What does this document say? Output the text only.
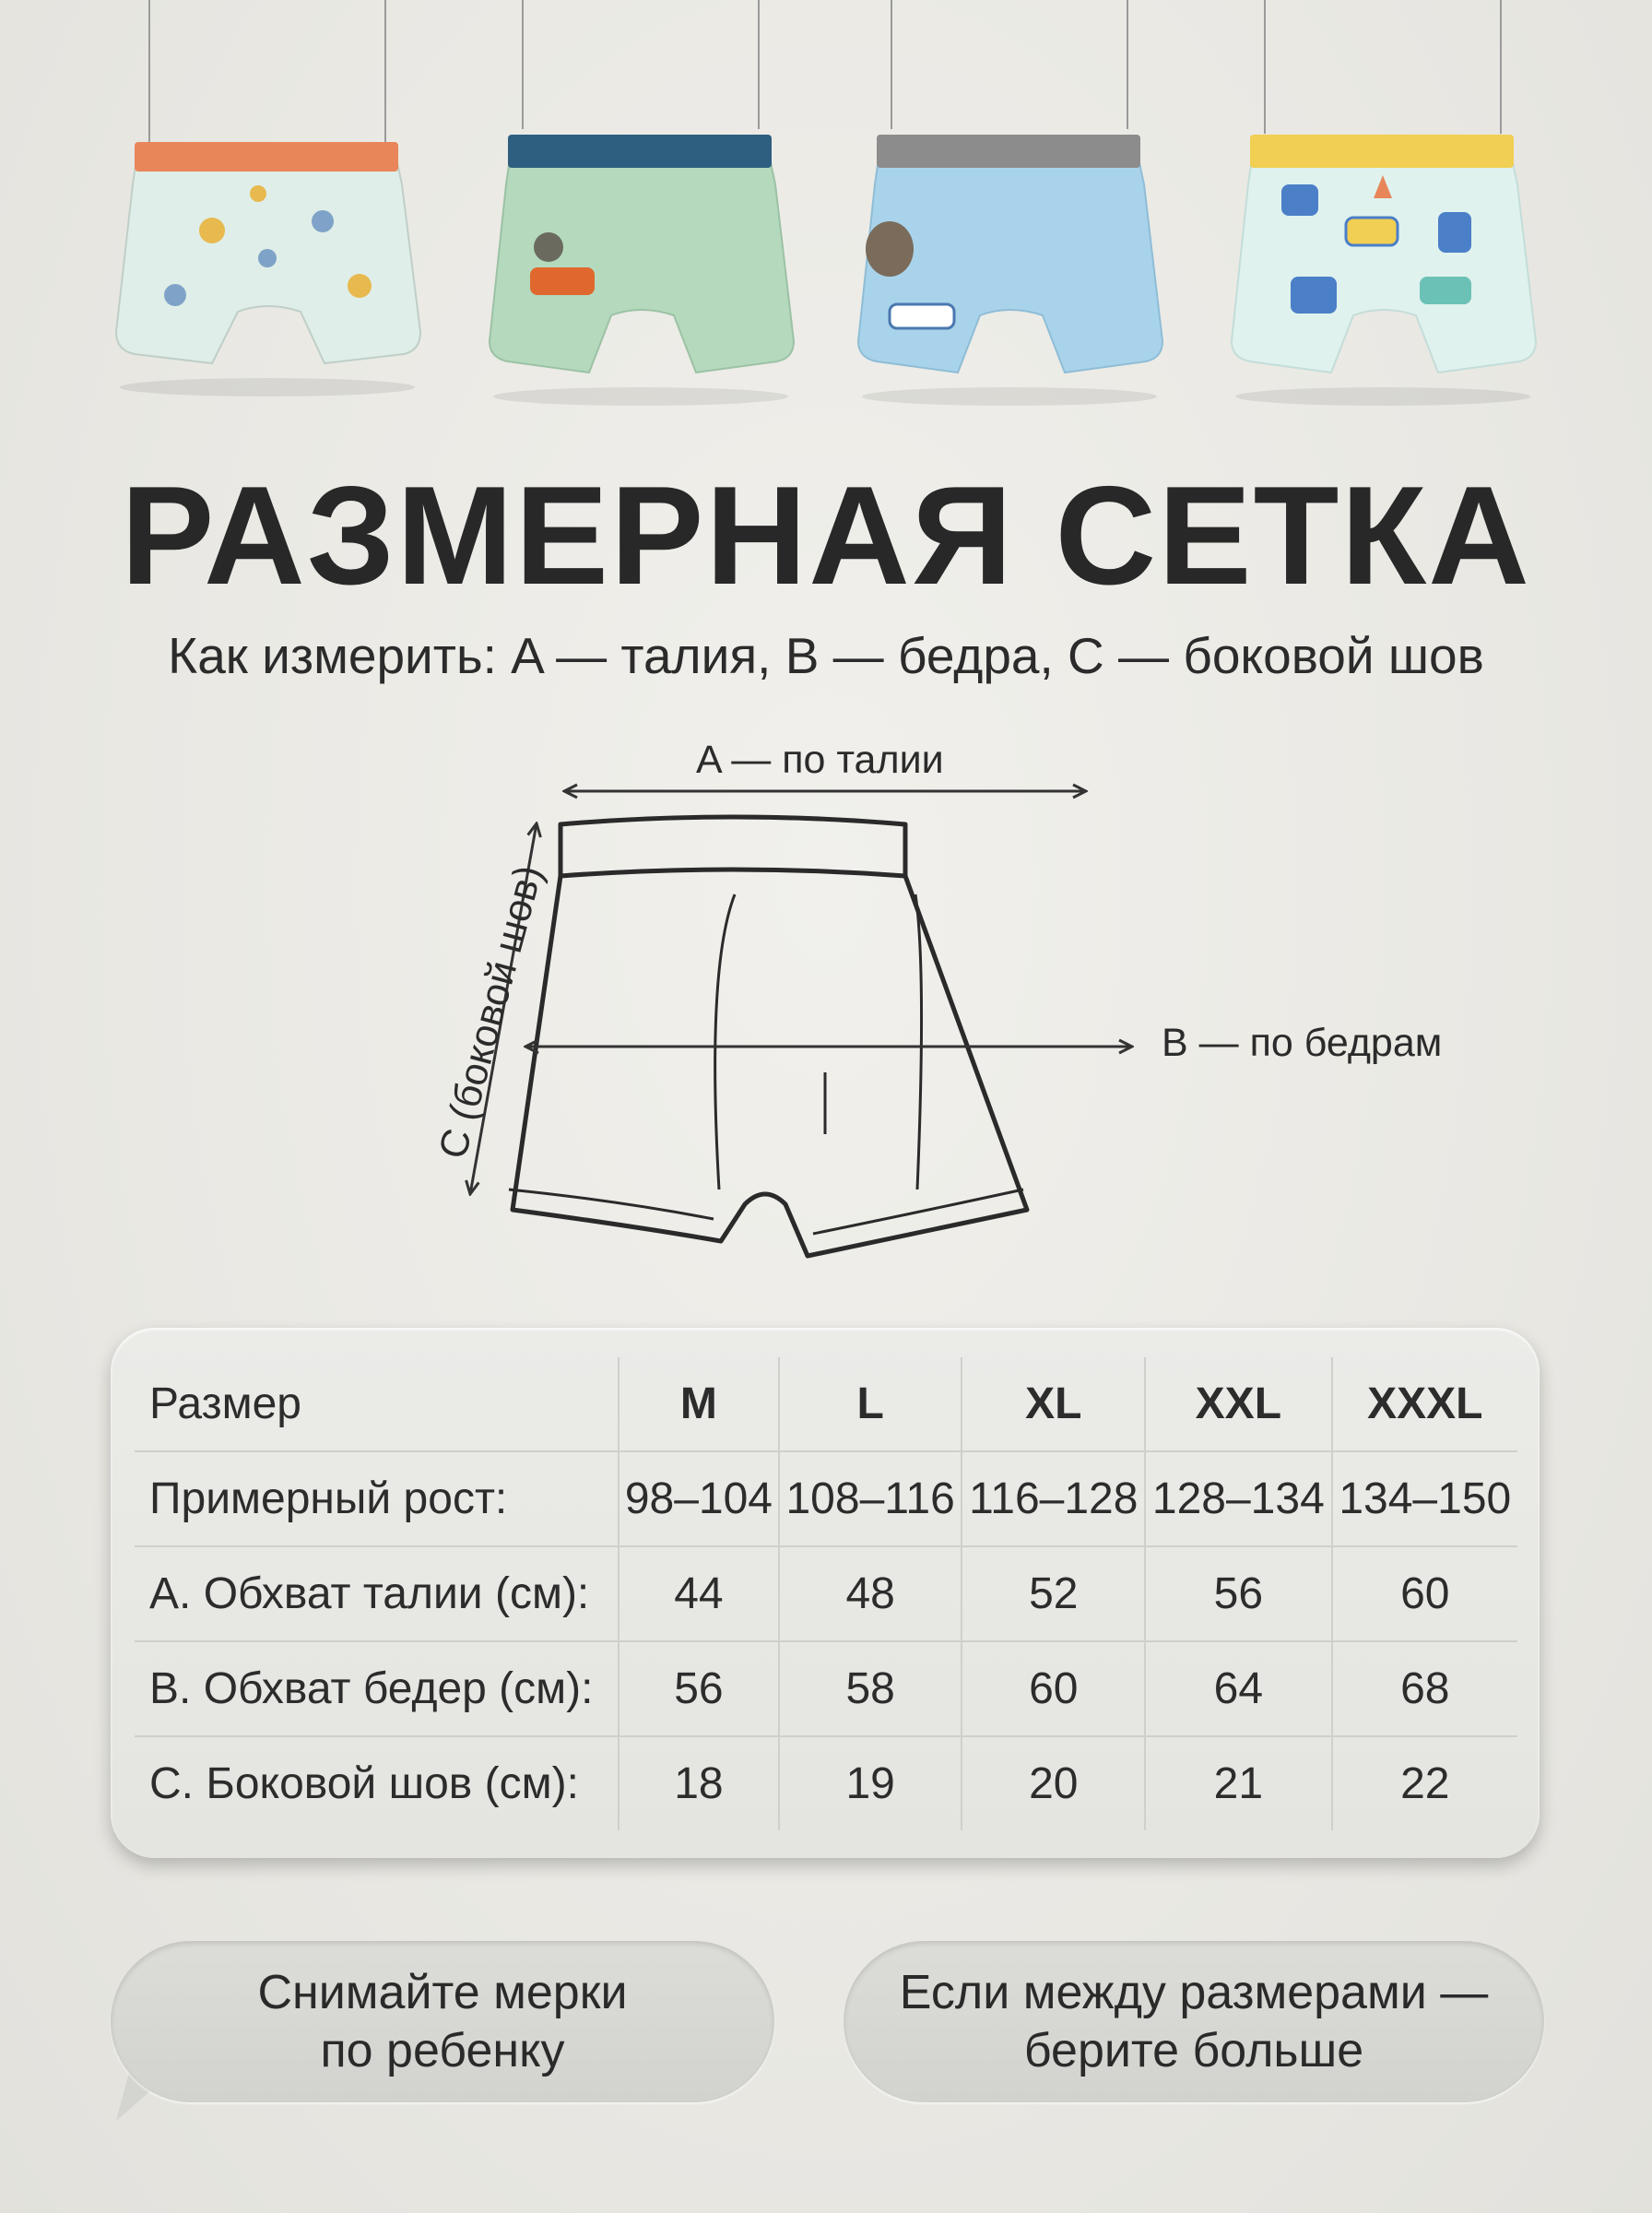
РАЗМЕРНАЯ СЕТКА
Как измерить: A — талия, B — бедра, C — боковой шов
A — по талии
B — по бедрам
C (боковой шов)
Размер	M	L	XL	XXL	XXXL
Примерный рост:	98–104	108–116	116–128	128–134	134–150
A. Обхват талии (см):	44	48	52	56	60
B. Обхват бедер (см):	56	58	60	64	68
C. Боковой шов (см):	18	19	20	21	22
Снимайте мерки
по ребенку
Если между размерами —
берите больше
